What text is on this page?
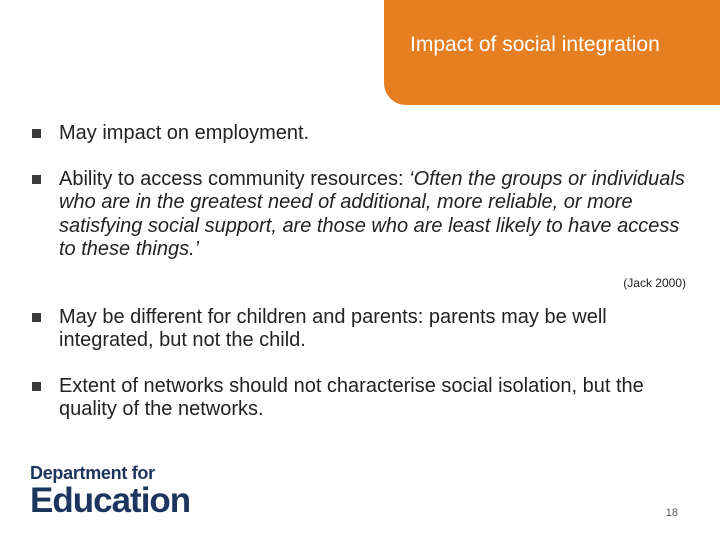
Impact of social integration
May impact on employment.
Ability to access community resources: ‘Often the groups or individuals who are in the greatest need of additional, more reliable, or more satisfying social support, are those who are least likely to have access to these things.’
(Jack 2000)
May be different for children and parents: parents may be well integrated, but not the child.
Extent of networks should not characterise social isolation, but the quality of the networks.
Department for
Education	18
